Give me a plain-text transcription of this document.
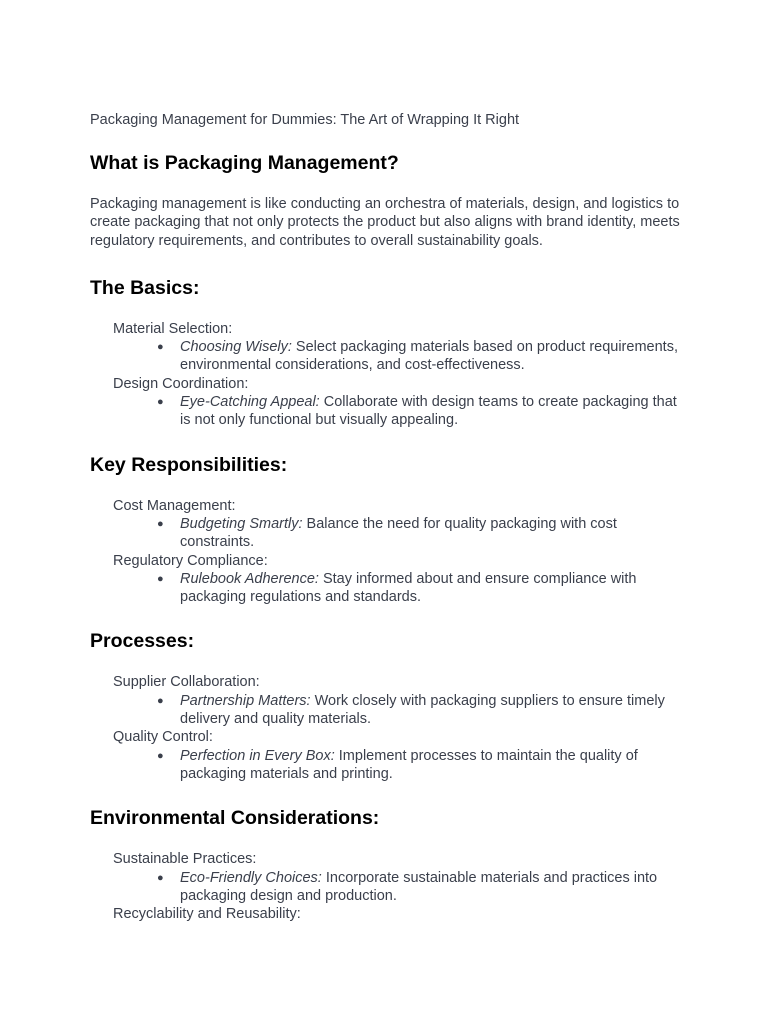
Packaging Management for Dummies: The Art of Wrapping It Right
What is Packaging Management?
Packaging management is like conducting an orchestra of materials, design, and logistics to create packaging that not only protects the product but also aligns with brand identity, meets regulatory requirements, and contributes to overall sustainability goals.
The Basics:
Material Selection:
● Choosing Wisely: Select packaging materials based on product requirements, environmental considerations, and cost-effectiveness.
Design Coordination:
● Eye-Catching Appeal: Collaborate with design teams to create packaging that is not only functional but visually appealing.
Key Responsibilities:
Cost Management:
● Budgeting Smartly: Balance the need for quality packaging with cost constraints.
Regulatory Compliance:
● Rulebook Adherence: Stay informed about and ensure compliance with packaging regulations and standards.
Processes:
Supplier Collaboration:
● Partnership Matters: Work closely with packaging suppliers to ensure timely delivery and quality materials.
Quality Control:
● Perfection in Every Box: Implement processes to maintain the quality of packaging materials and printing.
Environmental Considerations:
Sustainable Practices:
● Eco-Friendly Choices: Incorporate sustainable materials and practices into packaging design and production.
Recyclability and Reusability:
